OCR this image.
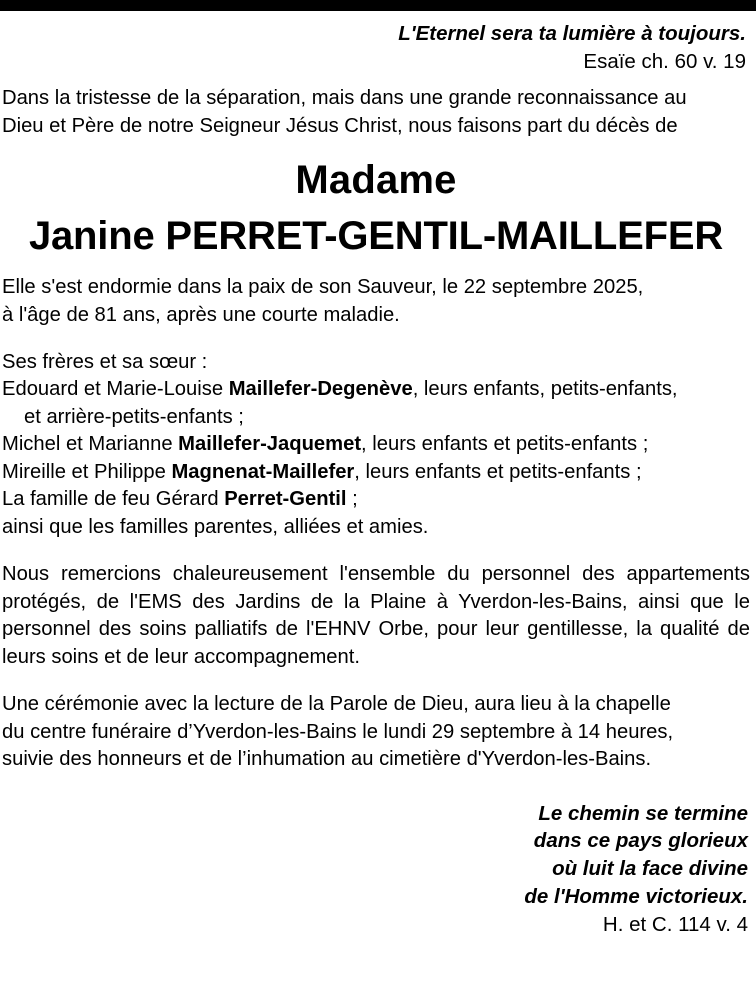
L'Eternel sera ta lumière à toujours.
Esaïe ch. 60 v. 19
Dans la tristesse de la séparation, mais dans une grande reconnaissance au
Dieu et Père de notre Seigneur Jésus Christ, nous faisons part du décès de
Madame
Janine PERRET-GENTIL-MAILLEFER
Elle s'est endormie dans la paix de son Sauveur, le 22 septembre 2025,
à l'âge de 81 ans, après une courte maladie.
Ses frères et sa sœur :
Edouard et Marie-Louise Maillefer-Degenève, leurs enfants, petits-enfants,
et arrière-petits-enfants ;
Michel et Marianne Maillefer-Jaquemet, leurs enfants et petits-enfants ;
Mireille et Philippe Magnenat-Maillefer, leurs enfants et petits-enfants ;
La famille de feu Gérard Perret-Gentil ;
ainsi que les familles parentes, alliées et amies.
Nous remercions chaleureusement l'ensemble du personnel des appartements protégés, de l'EMS des Jardins de la Plaine à Yverdon-les-Bains, ainsi que le personnel des soins palliatifs de l'EHNV Orbe, pour leur gentillesse, la qualité de leurs soins et de leur accompagnement.
Une cérémonie avec la lecture de la Parole de Dieu, aura lieu à la chapelle
du centre funéraire d’Yverdon-les-Bains le lundi 29 septembre à 14 heures,
suivie des honneurs et de l’inhumation au cimetière d'Yverdon-les-Bains.
Le chemin se termine
dans ce pays glorieux
où luit la face divine
de l'Homme victorieux.
H. et C. 114 v. 4
